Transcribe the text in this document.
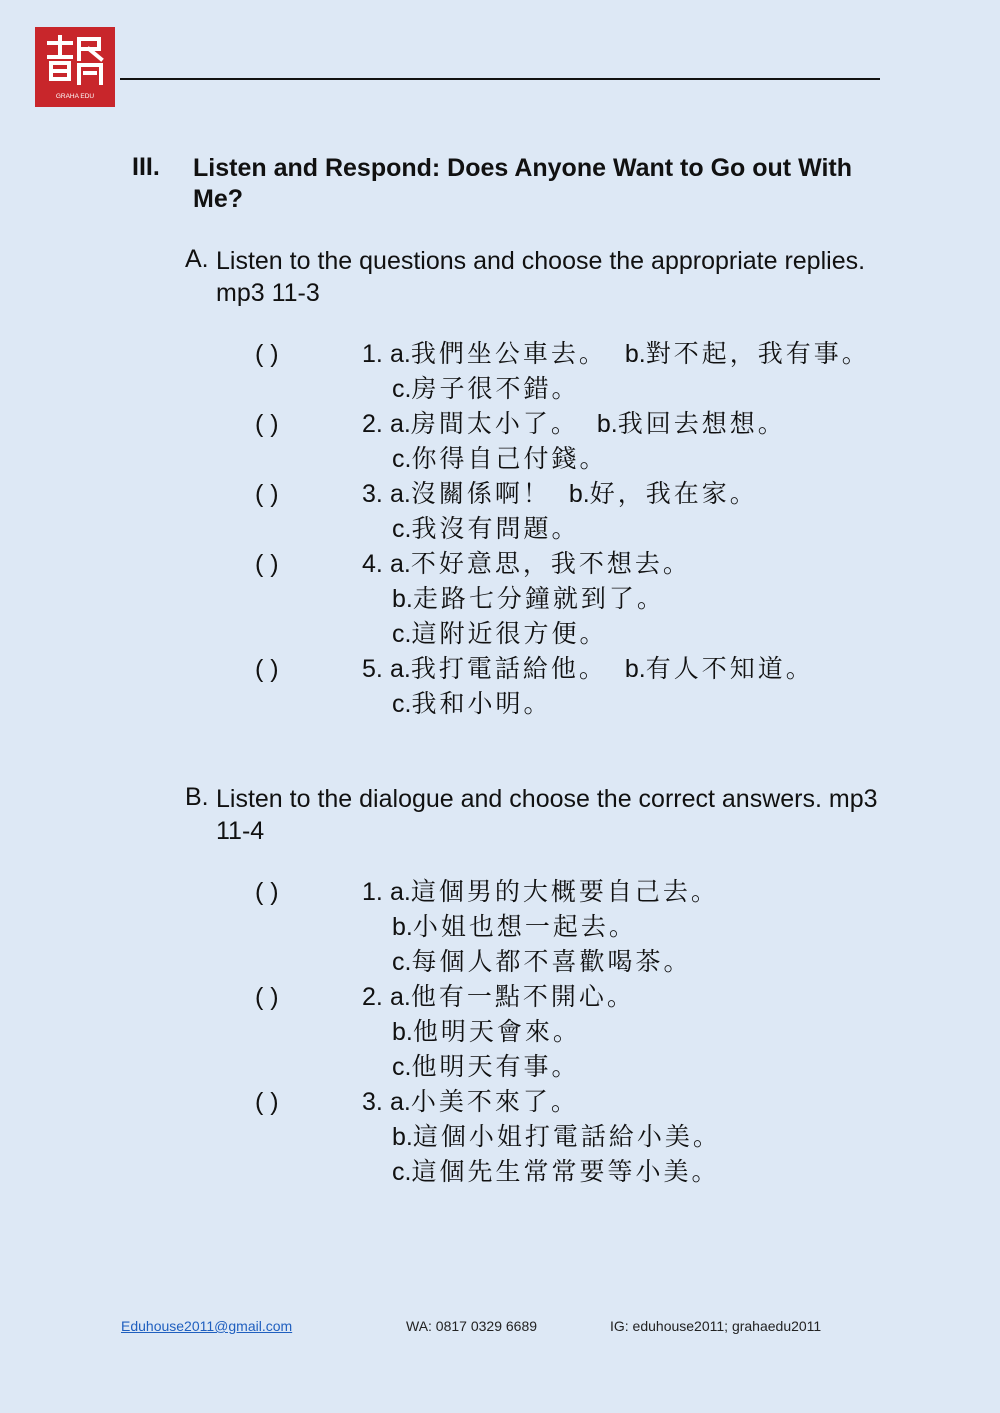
GRAHA EDU
III. Listen and Respond: Does Anyone Want to Go out With Me?
A. Listen to the questions and choose the appropriate replies. mp3 11-3
( )	1. a.我們坐公車去。 b.對不起，我有事。
c.房子很不錯。
( )	2. a.房間太小了。 b.我回去想想。
c.你得自己付錢。
( )	3. a.沒關係啊！ b.好，我在家。
c.我沒有問題。
( )	4. a.不好意思，我不想去。
b.走路七分鐘就到了。
c.這附近很方便。
( )	5. a.我打電話給他。 b.有人不知道。
c.我和小明。
B. Listen to the dialogue and choose the correct answers. mp3 11-4
( )	1. a.這個男的大概要自己去。
b.小姐也想一起去。
c.每個人都不喜歡喝茶。
( )	2. a.他有一點不開心。
b.他明天會來。
c.他明天有事。
( )	3. a.小美不來了。
b.這個小姐打電話給小美。
c.這個先生常常要等小美。
Eduhouse2011@gmail.com	WA: 0817 0329 6689	IG: eduhouse2011; grahaedu2011
